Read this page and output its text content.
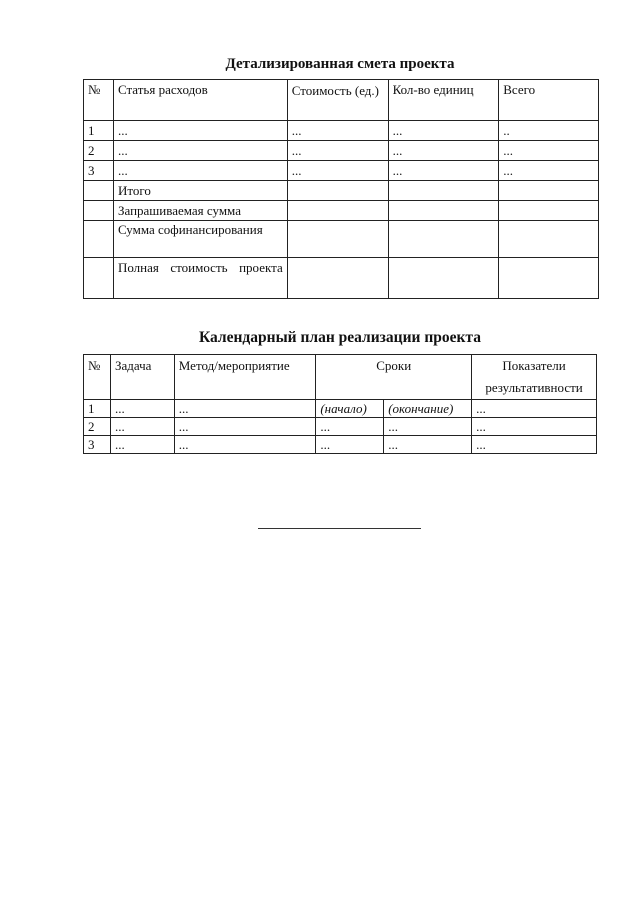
Детализированная смета проекта
№	Статья расходов	Стоимость (ед.)	Кол-во единиц	Всего
1	...	...	...	..
2	...	...	...	...
3	...	...	...	...
	Итого			
	Запрашиваемая сумма			
	Сумма софинансирования			
	Полная стоимость проекта			
Календарный план реализации проекта
№	Задача	Метод/мероприятие	Сроки		Показатели результативности
1	...	...	(начало)	(окончание)	...
2	...	...	...	...	...
3	...	...	...	...	...
